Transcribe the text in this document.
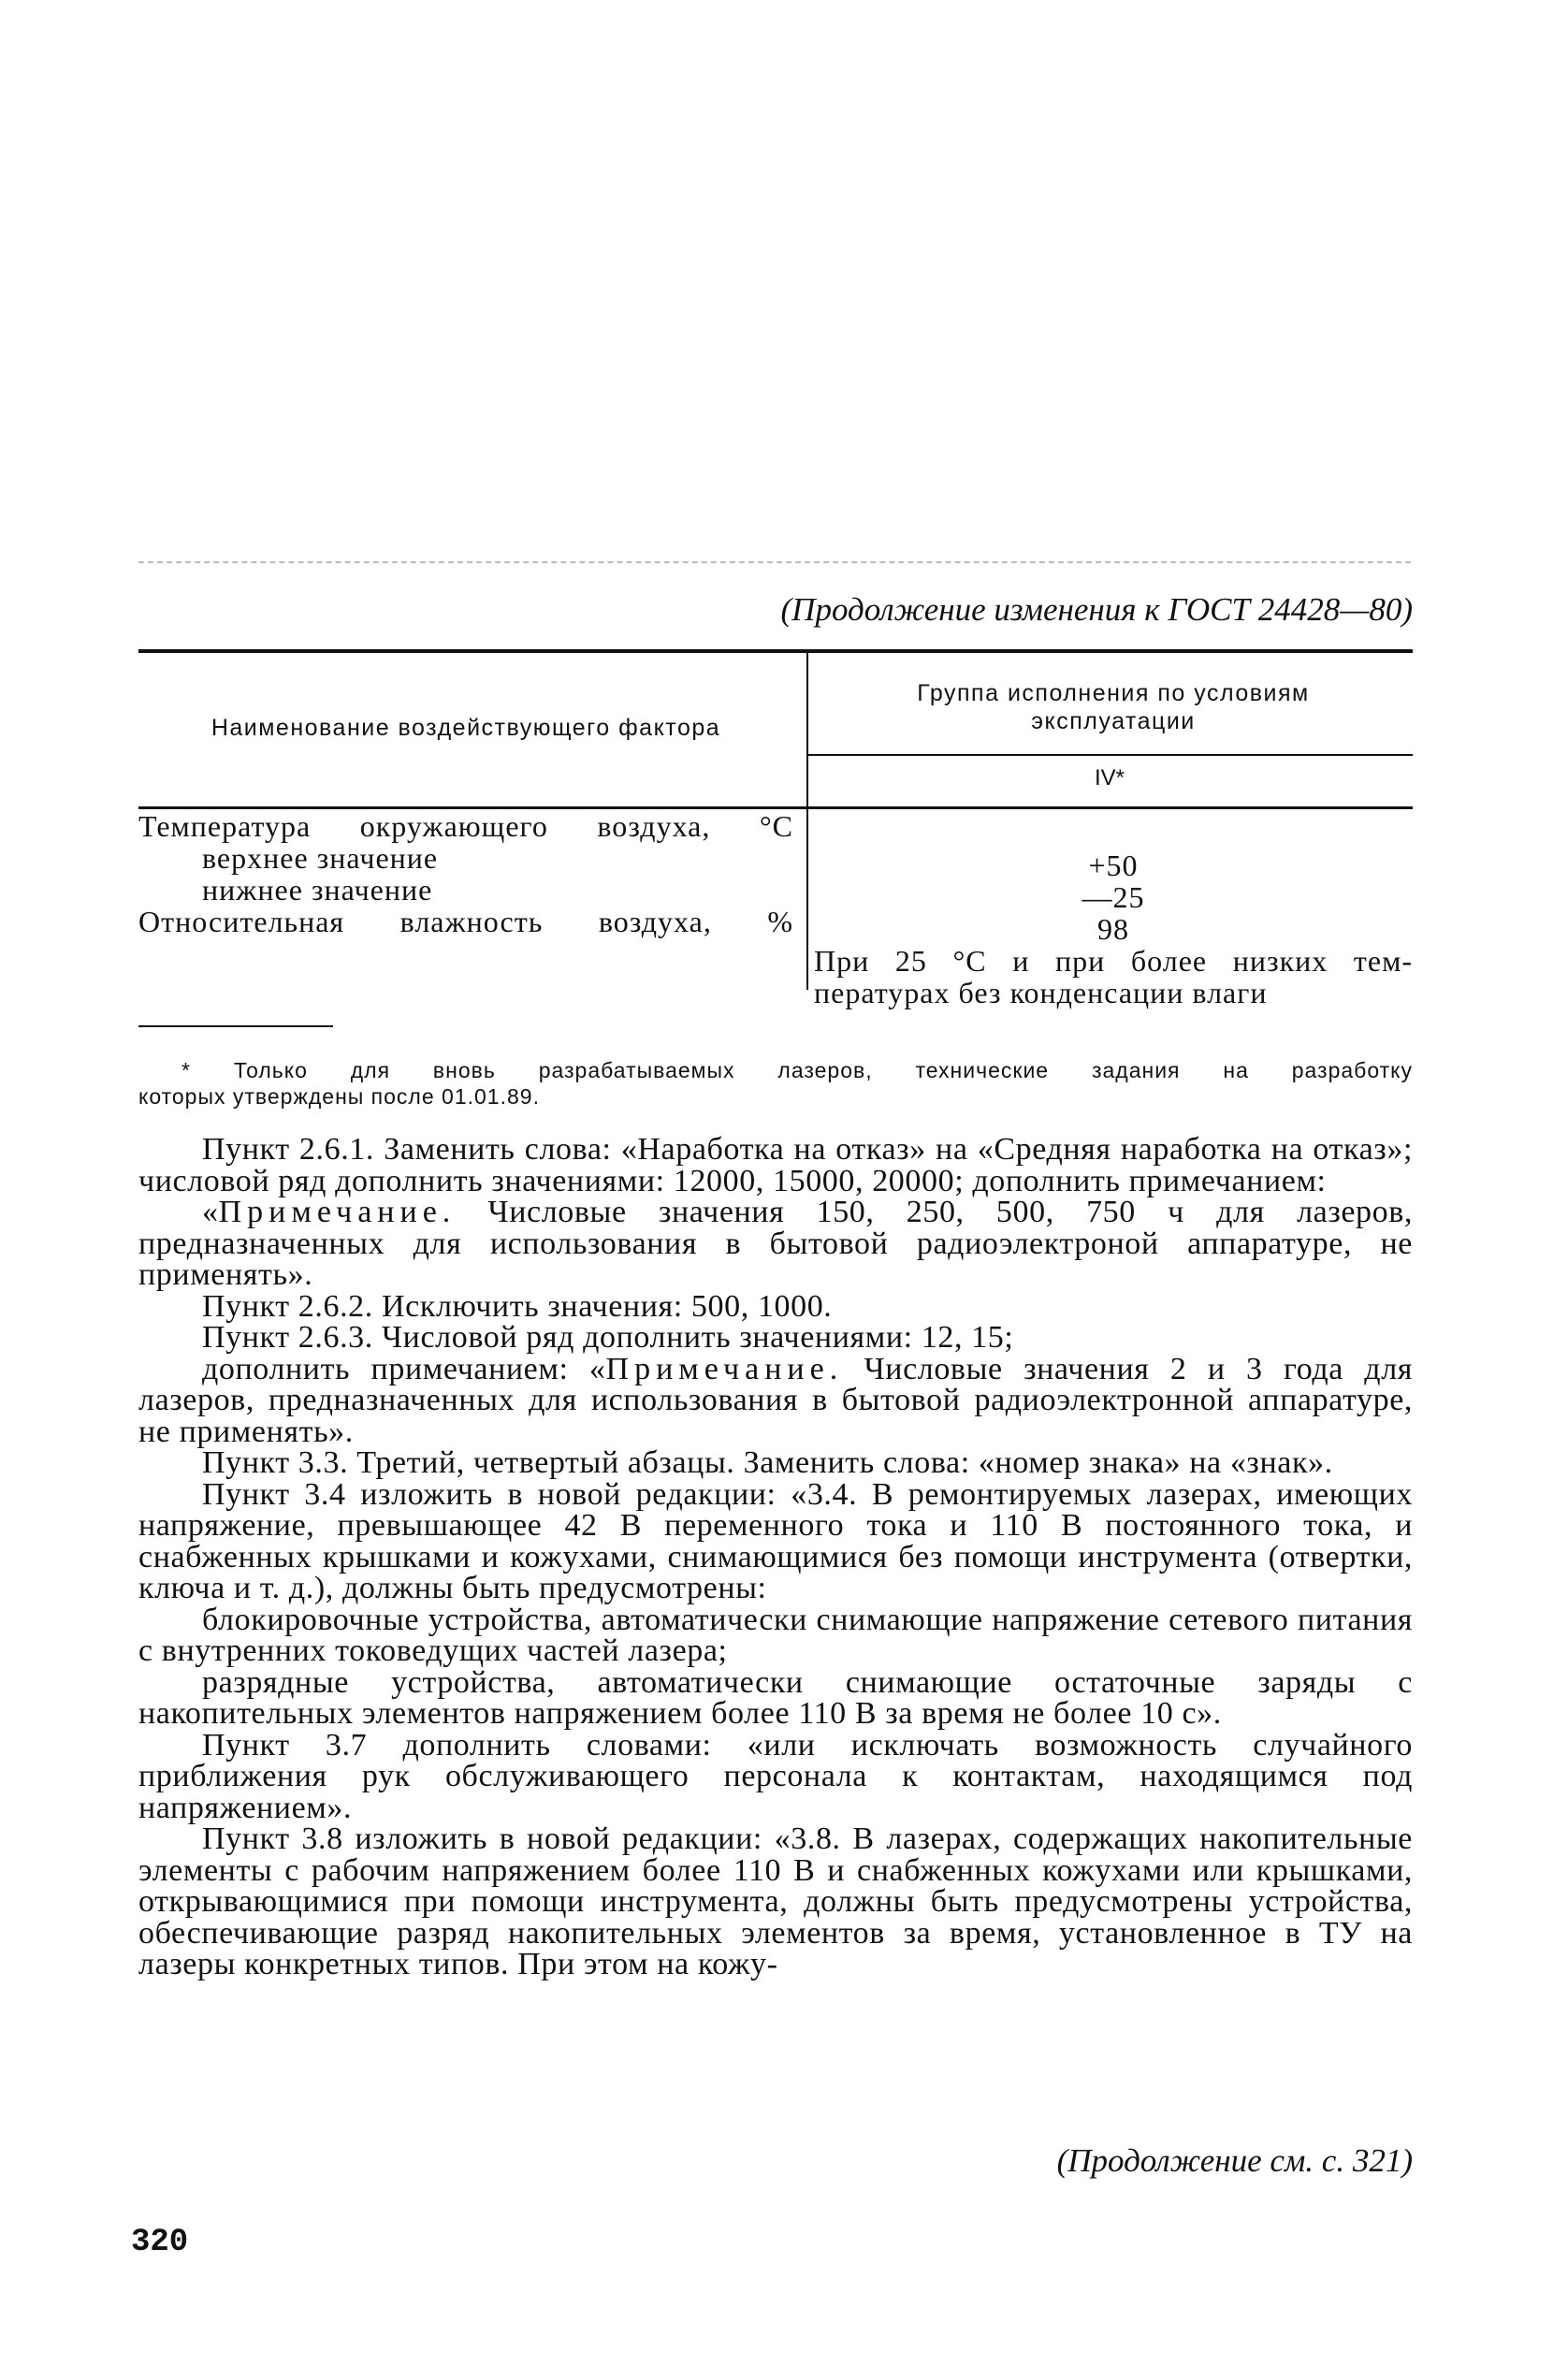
(Продолжение изменения к ГОСТ 24428—80)
Наименование воздействующего фактора
Группа исполнения по условиям
эксплуатации
IV*
Температура окружающего воздуха, °С
верхнее значение
нижнее значение
Относительная влажность воздуха, %
+50
—25
98
При 25 °С и при более низких тем-
пературах без конденсации влаги
* Только для вновь разрабатываемых лазеров, технические задания на разработку
которых утверждены после 01.01.89.

Пункт 2.6.1. Заменить слова: «Наработка на отказ» на «Средняя наработка на отказ»; числовой ряд дополнить значениями: 12000, 15000, 20000; дополнить примечанием:

«Примечание. Числовые значения 150, 250, 500, 750 ч для лазеров, предназначенных для использования в бытовой радиоэлектроной аппаратуре, не применять».

Пункт 2.6.2. Исключить значения: 500, 1000.

Пункт 2.6.3. Числовой ряд дополнить значениями: 12, 15;

дополнить примечанием: «Примечание. Числовые значения 2 и 3 года для лазеров, предназначенных для использования в бытовой радиоэлектронной аппаратуре, не применять».

Пункт 3.3. Третий, четвертый абзацы. Заменить слова: «номер знака» на «знак».

Пункт 3.4 изложить в новой редакции: «3.4. В ремонтируемых лазерах, имеющих напряжение, превышающее 42 В переменного тока и 110 В постоянного тока, и снабженных крышками и кожухами, снимающимися без помощи инструмента (отвертки, ключа и т. д.), должны быть предусмотрены:

блокировочные устройства, автоматически снимающие напряжение сетевого питания с внутренних токоведущих частей лазера;

разрядные устройства, автоматически снимающие остаточные заряды с накопительных элементов напряжением более 110 В за время не более 10 с».

Пункт 3.7 дополнить словами: «или исключать возможность случайного приближения рук обслуживающего персонала к контактам, находящимся под напряжением».

Пункт 3.8 изложить в новой редакции: «3.8. В лазерах, содержащих накопительные элементы с рабочим напряжением более 110 В и снабженных кожухами или крышками, открывающимися при помощи инструмента, должны быть предусмотрены устройства, обеспечивающие разряд накопительных элементов за время, установленное в ТУ на лазеры конкретных типов. При этом на кожу-

(Продолжение см. с. 321)
320
